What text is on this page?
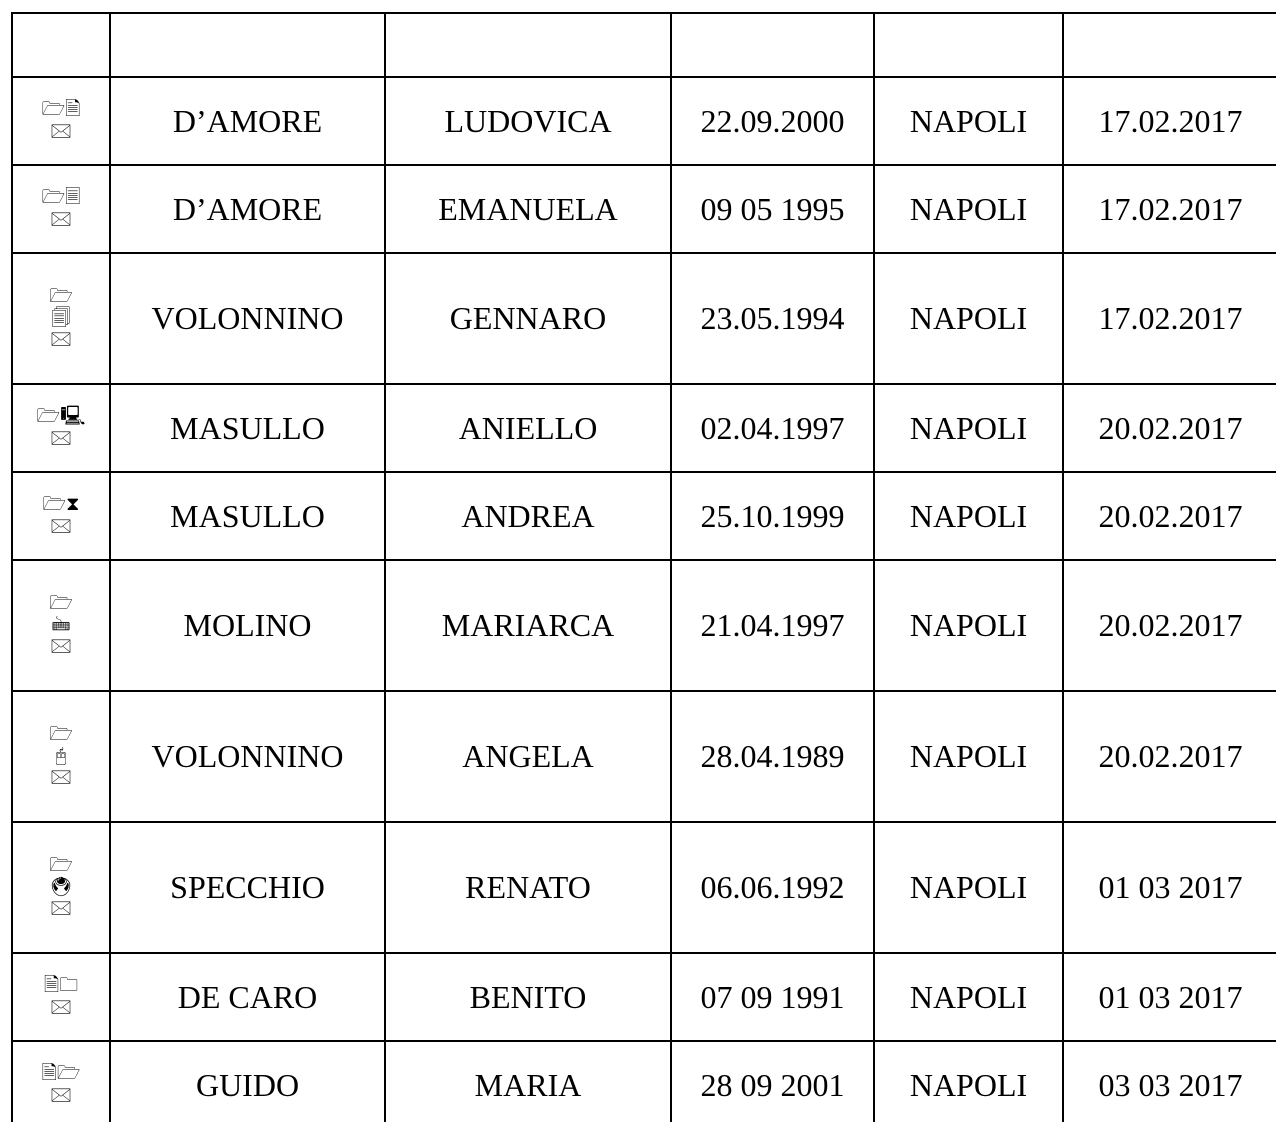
🗁🗎
🖂	D’AMORE	LUDOVICA	22.09.2000	NAPOLI	17.02.2017

🗁🗏
🖂	D’AMORE	EMANUELA	09 05 1995	NAPOLI	17.02.2017

🗁
🗐
🖂	VOLONNINO	GENNARO	23.05.1994	NAPOLI	17.02.2017

🗁🖳
🖂	MASULLO	ANIELLO	02.04.1997	NAPOLI	20.02.2017

🗁⧗
🖂	MASULLO	ANDREA	25.10.1999	NAPOLI	20.02.2017

🗁
🖮
🖂	MOLINO	MARIARCA	21.04.1997	NAPOLI	20.02.2017

🗁
🖰
🖂	VOLONNINO	ANGELA	28.04.1989	NAPOLI	20.02.2017

🗁
🖲
🖂	SPECCHIO	RENATO	06.06.1992	NAPOLI	01 03 2017

🗎🗀
🖂	DE CARO	BENITO	07 09 1991	NAPOLI	01 03 2017

🗎🗁
🖂	GUIDO	MARIA	28 09 2001	NAPOLI	03 03 2017
